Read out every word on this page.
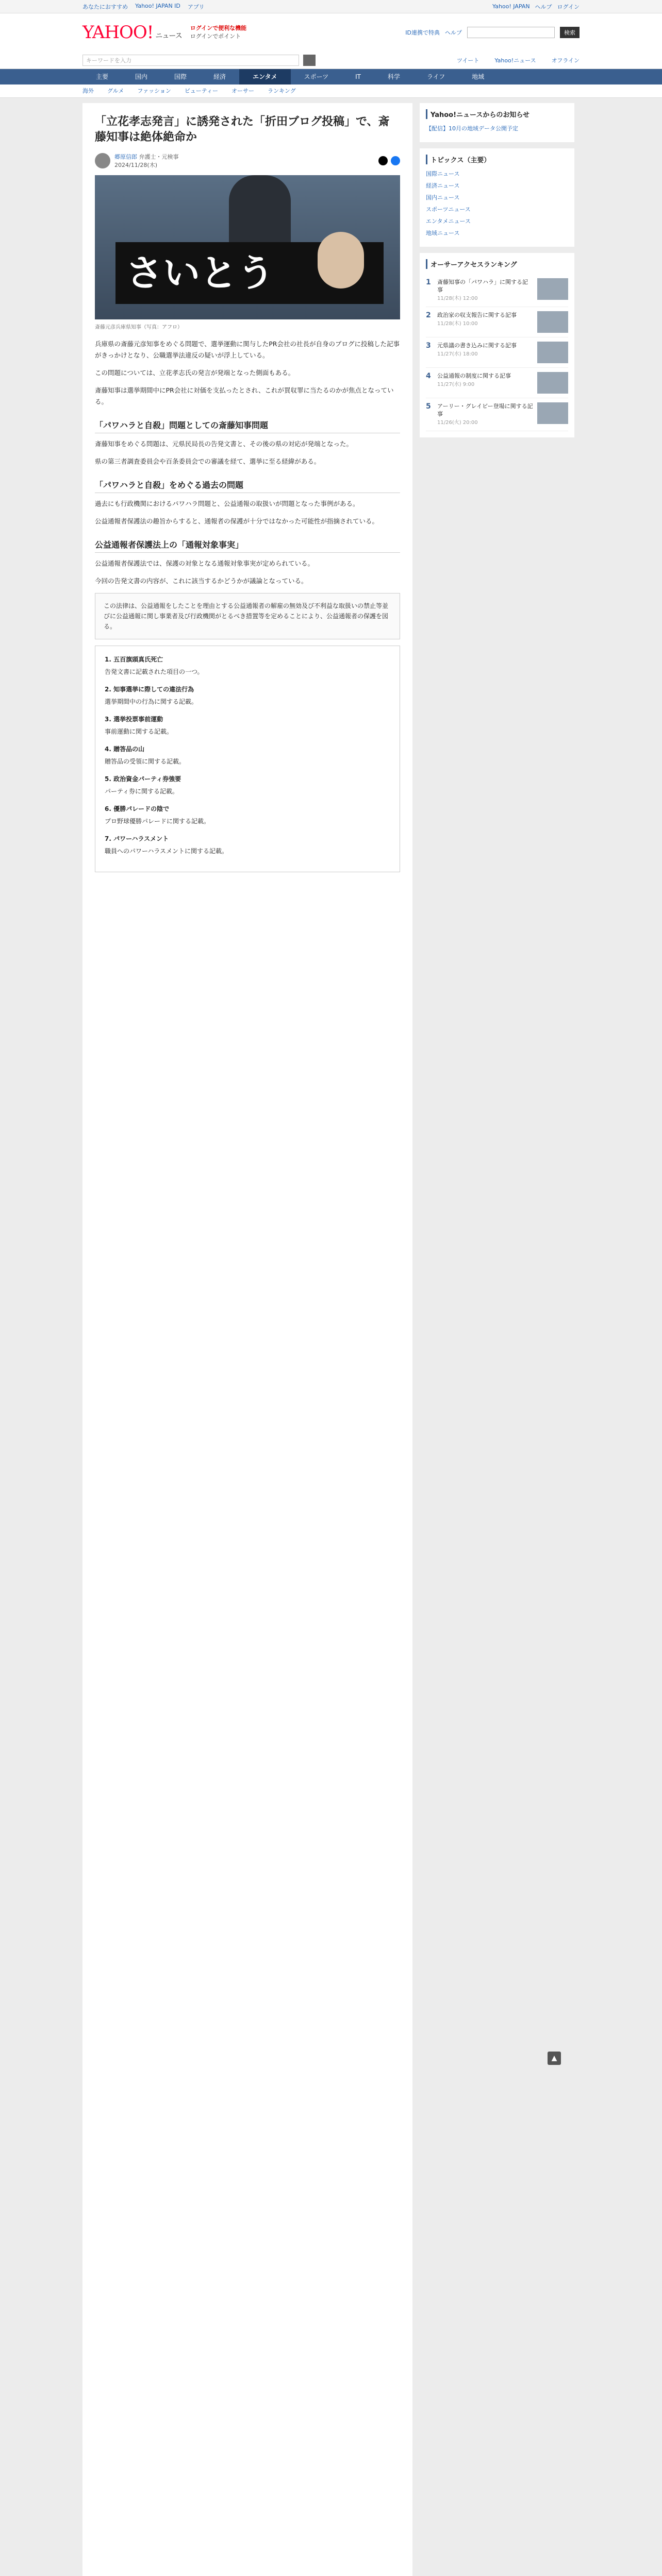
あなたにおすすめ Yahoo! JAPAN ID アプリ	Yahoo! JAPAN ヘルプ ログイン
YAHOO! ニュース
ログインで便利な機能
ログインでポイント
ID連携で特典 ヘルプ	検索
キーワードを入力	ツイート	Yahoo!ニュース	オフライン
主要	国内	国際	経済	エンタメ	スポーツ	IT	科学	ライフ	地域
海外 グルメ ファッション ビューティー オーサー ランキング
「立花孝志発言」に誘発された「折田ブログ投稿」で、斎藤知事は絶体絶命か
郷原信郎 弁護士・元検事
2024/11/28(木)
さいとう
斎藤元彦兵庫県知事（写真：アフロ）

兵庫県の斎藤元彦知事をめぐる問題で、選挙運動に関与したPR会社の社長が自身のブログに投稿した記事がきっかけとなり、公職選挙法違反の疑いが浮上している。

この問題については、立花孝志氏の発言が発端となった側面もある。

斎藤知事は選挙期間中にPR会社に対価を支払ったとされ、これが買収罪に当たるのかが焦点となっている。

「パワハラと自殺」問題としての斎藤知事問題

斎藤知事をめぐる問題は、元県民局長の告発文書と、その後の県の対応が発端となった。

県の第三者調査委員会や百条委員会での審議を経て、選挙に至る経緯がある。

「パワハラと自殺」をめぐる過去の問題

過去にも行政機関におけるパワハラ問題と、公益通報の取扱いが問題となった事例がある。

公益通報者保護法の趣旨からすると、通報者の保護が十分ではなかった可能性が指摘されている。

公益通報者保護法上の「通報対象事実」

公益通報者保護法では、保護の対象となる通報対象事実が定められている。

今回の告発文書の内容が、これに該当するかどうかが議論となっている。

この法律は、公益通報をしたことを理由とする公益通報者の解雇の無効及び不利益な取扱いの禁止等並びに公益通報に関し事業者及び行政機関がとるべき措置等を定めることにより、公益通報者の保護を図る。
1. 五百旗頭真氏死亡
告発文書に記載された項目の一つ。
2. 知事選挙に際しての違法行為
選挙期間中の行為に関する記載。
3. 選挙投票事前運動
事前運動に関する記載。
4. 贈答品の山
贈答品の受領に関する記載。
5. 政治資金パーティ券強要
パーティ券に関する記載。
6. 優勝パレードの陰で
プロ野球優勝パレードに関する記載。
7. パワーハラスメント
職員へのパワーハラスメントに関する記載。
Yahoo!ニュースからのお知らせ
【配信】10月の地域データ公開予定
トピックス（主要）
国際ニュース
経済ニュース
国内ニュース
スポーツニュース
エンタメニュース
地域ニュース
オーサーアクセスランキング
1	斎藤知事の「パワハラ」に関する記事
11/28(木) 12:00
2	政治家の収支報告に関する記事
11/28(木) 10:00
3	元県議の書き込みに関する記事
11/27(水) 18:00
4	公益通報の制度に関する記事
11/27(水) 9:00
5	アーリー・グレイビー登場に関する記事
11/26(火) 20:00
▲
